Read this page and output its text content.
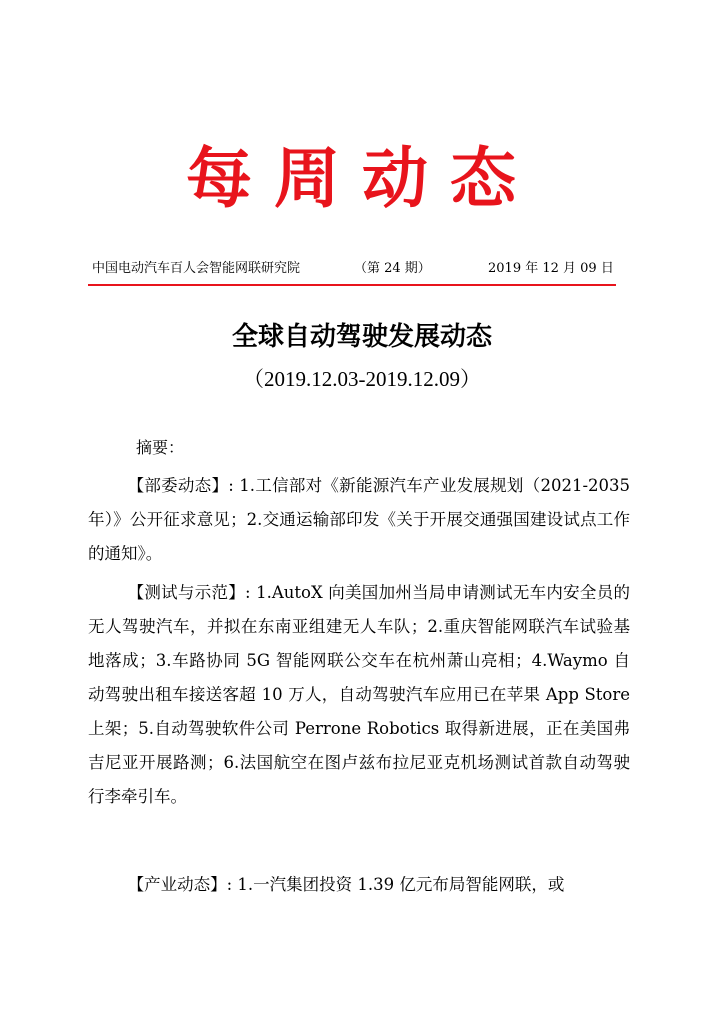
每周动态
中国电动汽车百人会智能网联研究院	（第 24 期）	2019 年 12 月 09 日
全球自动驾驶发展动态
（2019.12.03-2019.12.09）
摘要：

【部委动态】: 1.工信部对《新能源汽车产业发展规划（2021-2035 年）》公开征求意见；2.交通运输部印发《关于开展交通强国建设试点工作的通知》。

【测试与示范】: 1.AutoX 向美国加州当局申请测试无车内安全员的无人驾驶汽车，并拟在东南亚组建无人车队；2.重庆智能网联汽车试验基地落成；3.车路协同 5G 智能网联公交车在杭州萧山亮相；4.Waymo 自动驾驶出租车接送客超 10 万人，自动驾驶汽车应用已在苹果 App Store 上架；5.自动驾驶软件公司 Perrone Robotics 取得新进展，正在美国弗吉尼亚开展路测；6.法国航空在图卢兹布拉尼亚克机场测试首款自动驾驶行李牵引车。

【产业动态】: 1.一汽集团投资 1.39 亿元布局智能网联，或
